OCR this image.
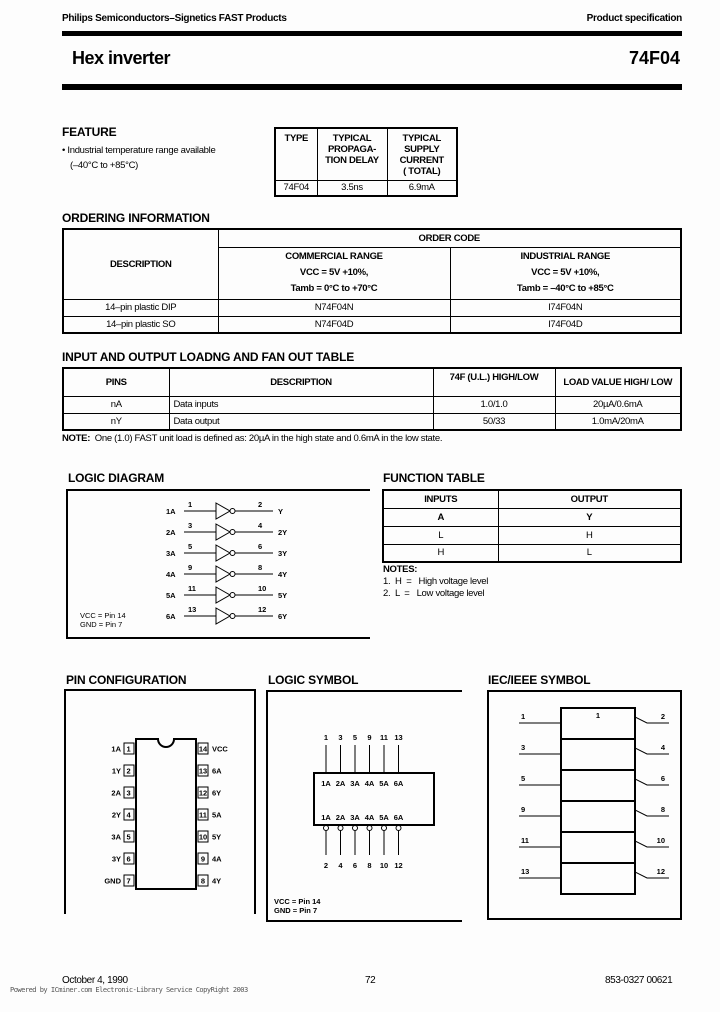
Philips Semiconductors–Signetics FAST Products	Product specification
Hex inverter	74F04
FEATURE
• Industrial temperature range available
(–40°C to +85°C)
TYPE	TYPICAL
PROPAGA-
TION DELAY

TYPICAL
SUPPLY
CURRENT
( TOTAL)

74F04	3.5ns	6.9mA
ORDERING INFORMATION
DESCRIPTION	ORDER CODE	

COMMERCIAL RANGE
VCC = 5V +10%,
Tamb = 0°C to +70°C

INDUSTRIAL RANGE
VCC = 5V +10%,
Tamb = –40°C to +85°C

14–pin plastic DIP	N74F04N	I74F04N
14–pin plastic SO	N74F04D	I74F04D
INPUT AND OUTPUT LOADNG AND FAN OUT TABLE
PINS	DESCRIPTION	74F (U.L.) HIGH/LOW	LOAD VALUE HIGH/ LOW
nA	Data inputs	1.0/1.0	20µA/0.6mA
nY	Data output	50/33	1.0mA/20mA
NOTE: One (1.0) FAST unit load is defined as: 20µA in the high state and 0.6mA in the low state.
LOGIC DIAGRAM
1A
1	2
Y
2A
3	4
2Y
3A
5	6
3Y
4A
9	8
4Y
5A
11	10
5Y
6A
13	12
6Y
VCC = Pin 14
GND = Pin 7
FUNCTION TABLE
INPUTS	OUTPUT
A	Y
L	H
H	L
NOTES:
1.  H  =   High voltage level
2.  L  =   Low voltage level
PIN CONFIGURATION
1
1A
2
1Y
3
2A
4
2Y
5
3A
6
3Y
7
GND
14 VCC
13 6A
12 6Y
11 5A
10 5Y
9 4A
8 4Y
LOGIC SYMBOL
1
1A
1A
2
3
2A
2A
4
5
3A
3A
6
9
4A
4A
8
11
5A
5A
10
13
6A
6A
12
VCC = Pin 14
GND = Pin 7
IEC/IEEE SYMBOL
1	2
3	4
5	6
9	8
11	10
13	12
1
October 4, 1990	72	853-0327 00621
Powered by ICminer.com Electronic-Library Service CopyRight 2003
